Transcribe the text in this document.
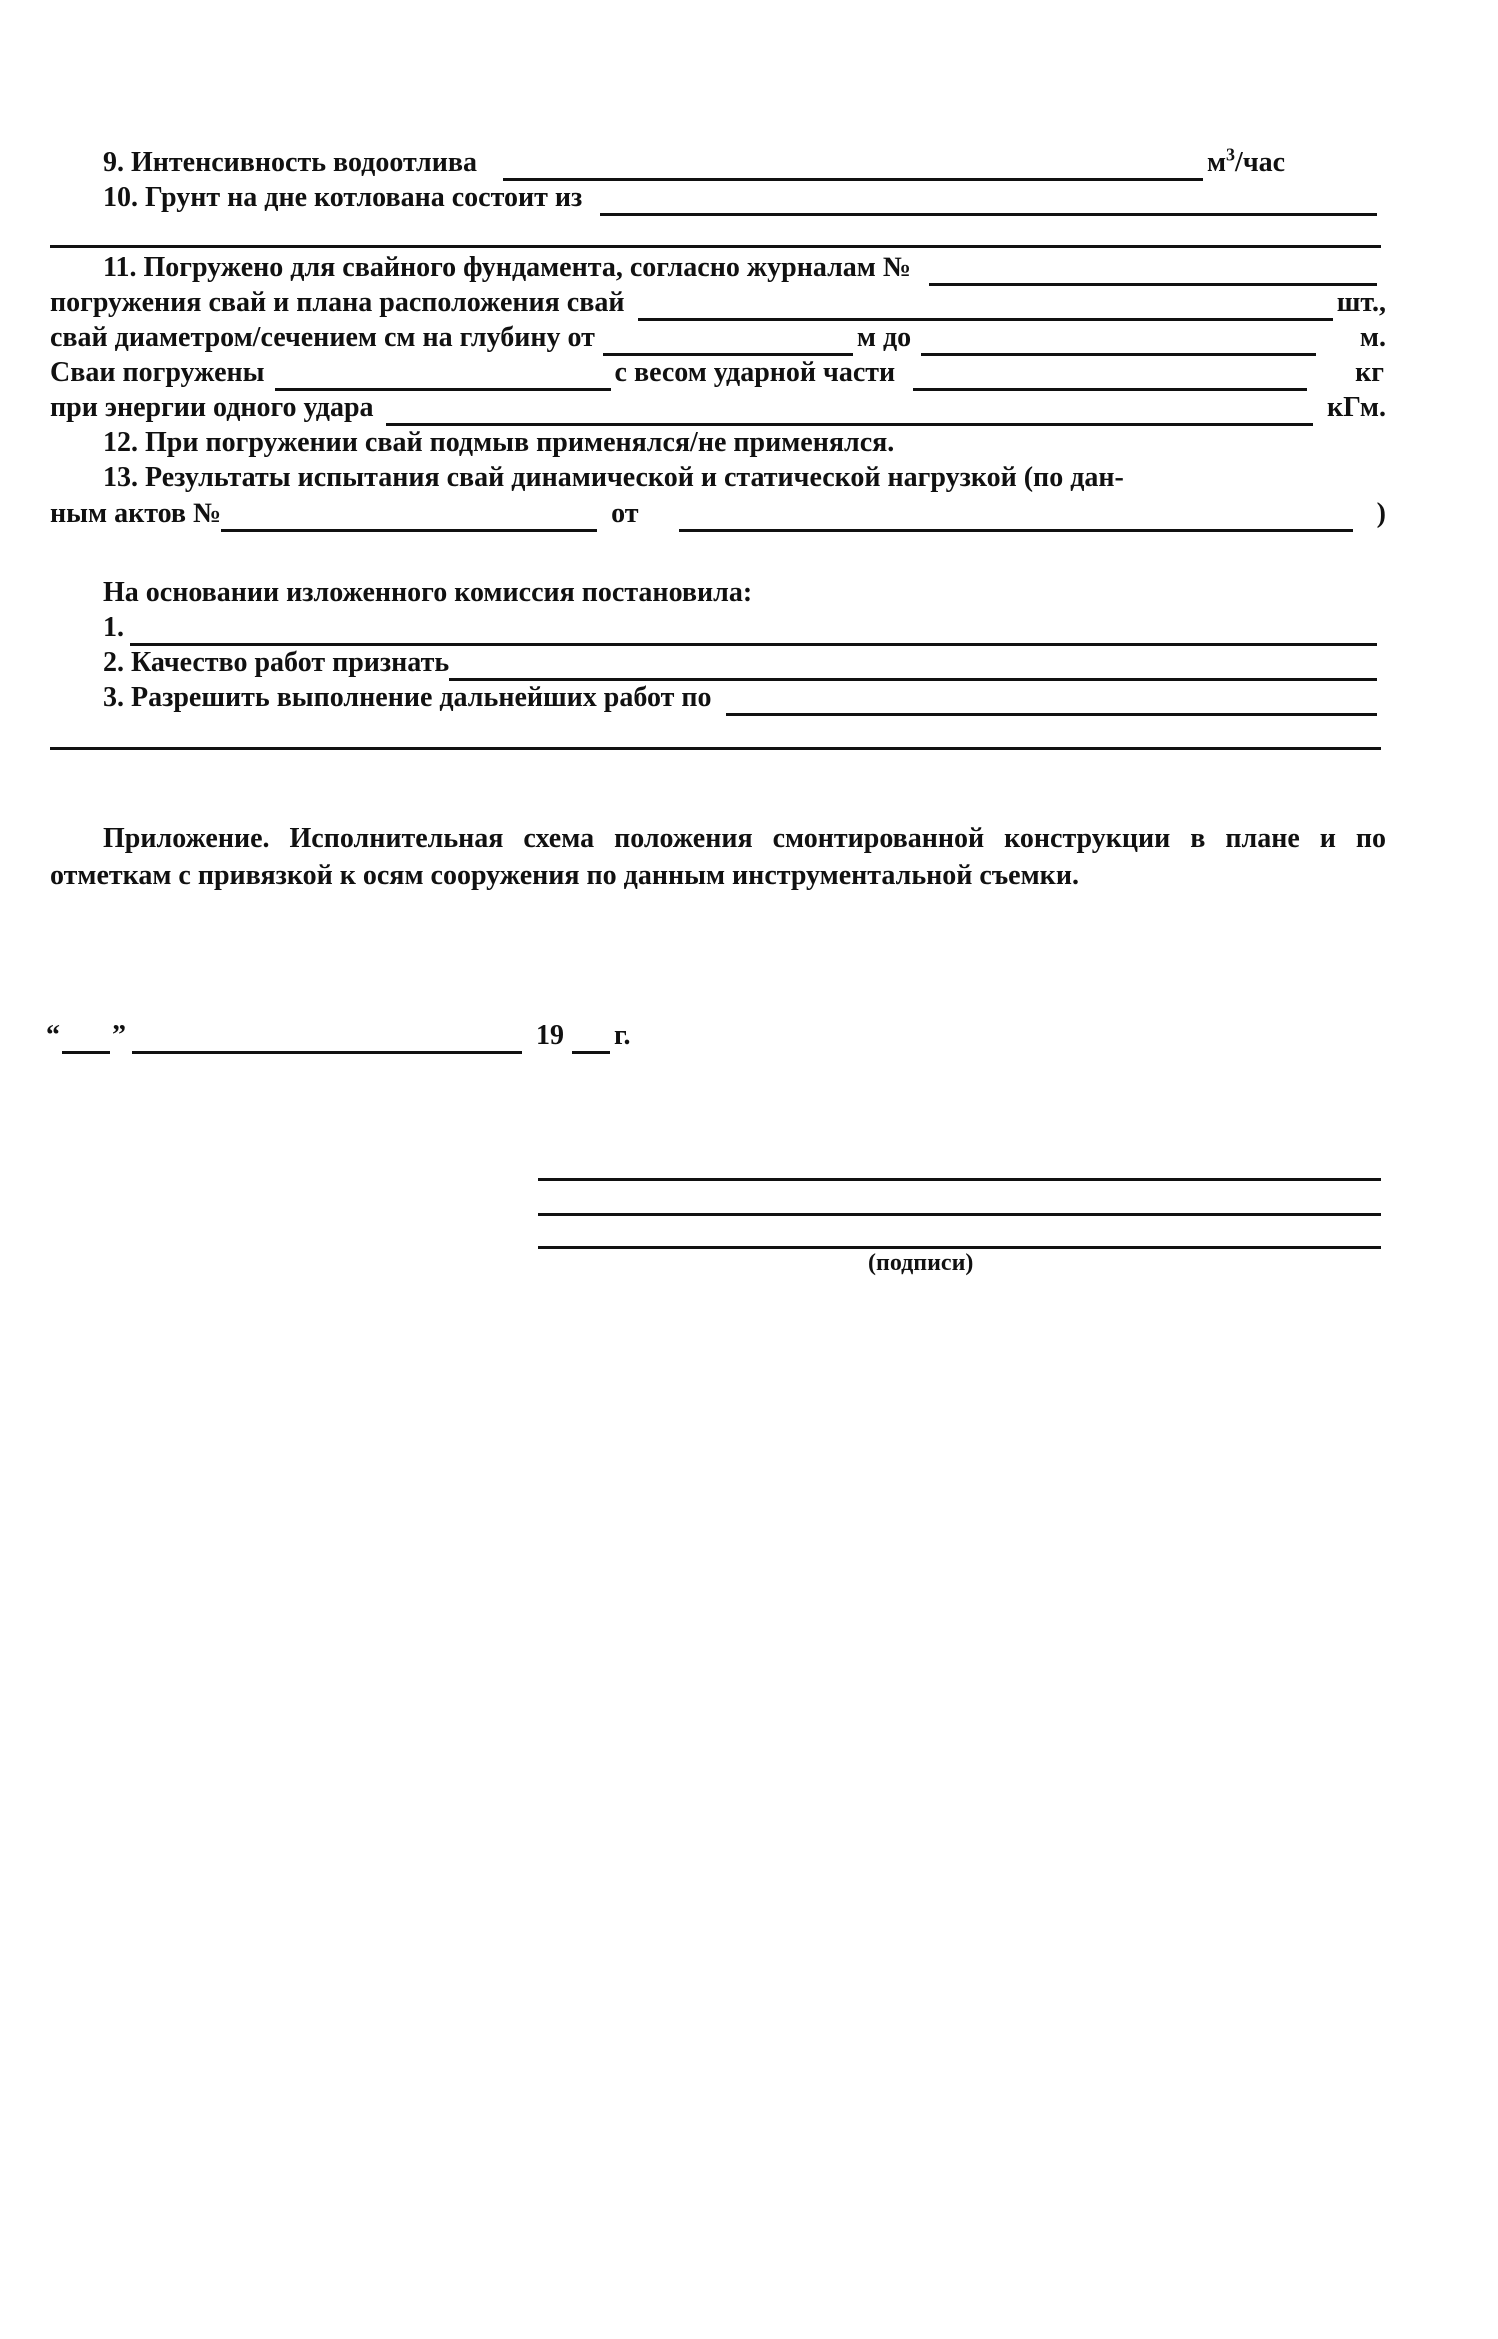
9. Интенсивность водоотлива	$м^3$/час
10. Грунт на дне котлована состоит из
11. Погружено для свайного фундамента, согласно журналам №
погружения свай и плана расположения свай	шт.,
свай диаметром/сечением см на глубину от	м до	м.
Сваи погружены	с весом ударной части	кг
при энергии одного удара	кГм.
12. При погружении свай подмыв применялся/не применялся.
13. Результаты испытания свай динамической и статической нагрузкой (по дан-
ным актов №	от	)
На основании изложенного комиссия постановила:
1.
2. Качество работ признать
3. Разрешить выполнение дальнейших работ по
Приложение. Исполнительная схема положения смонтированной конструкции в плане и по отметкам с привязкой к осям сооружения по данным инструментальной съемки.
“ ”	19 г.
(подписи)
